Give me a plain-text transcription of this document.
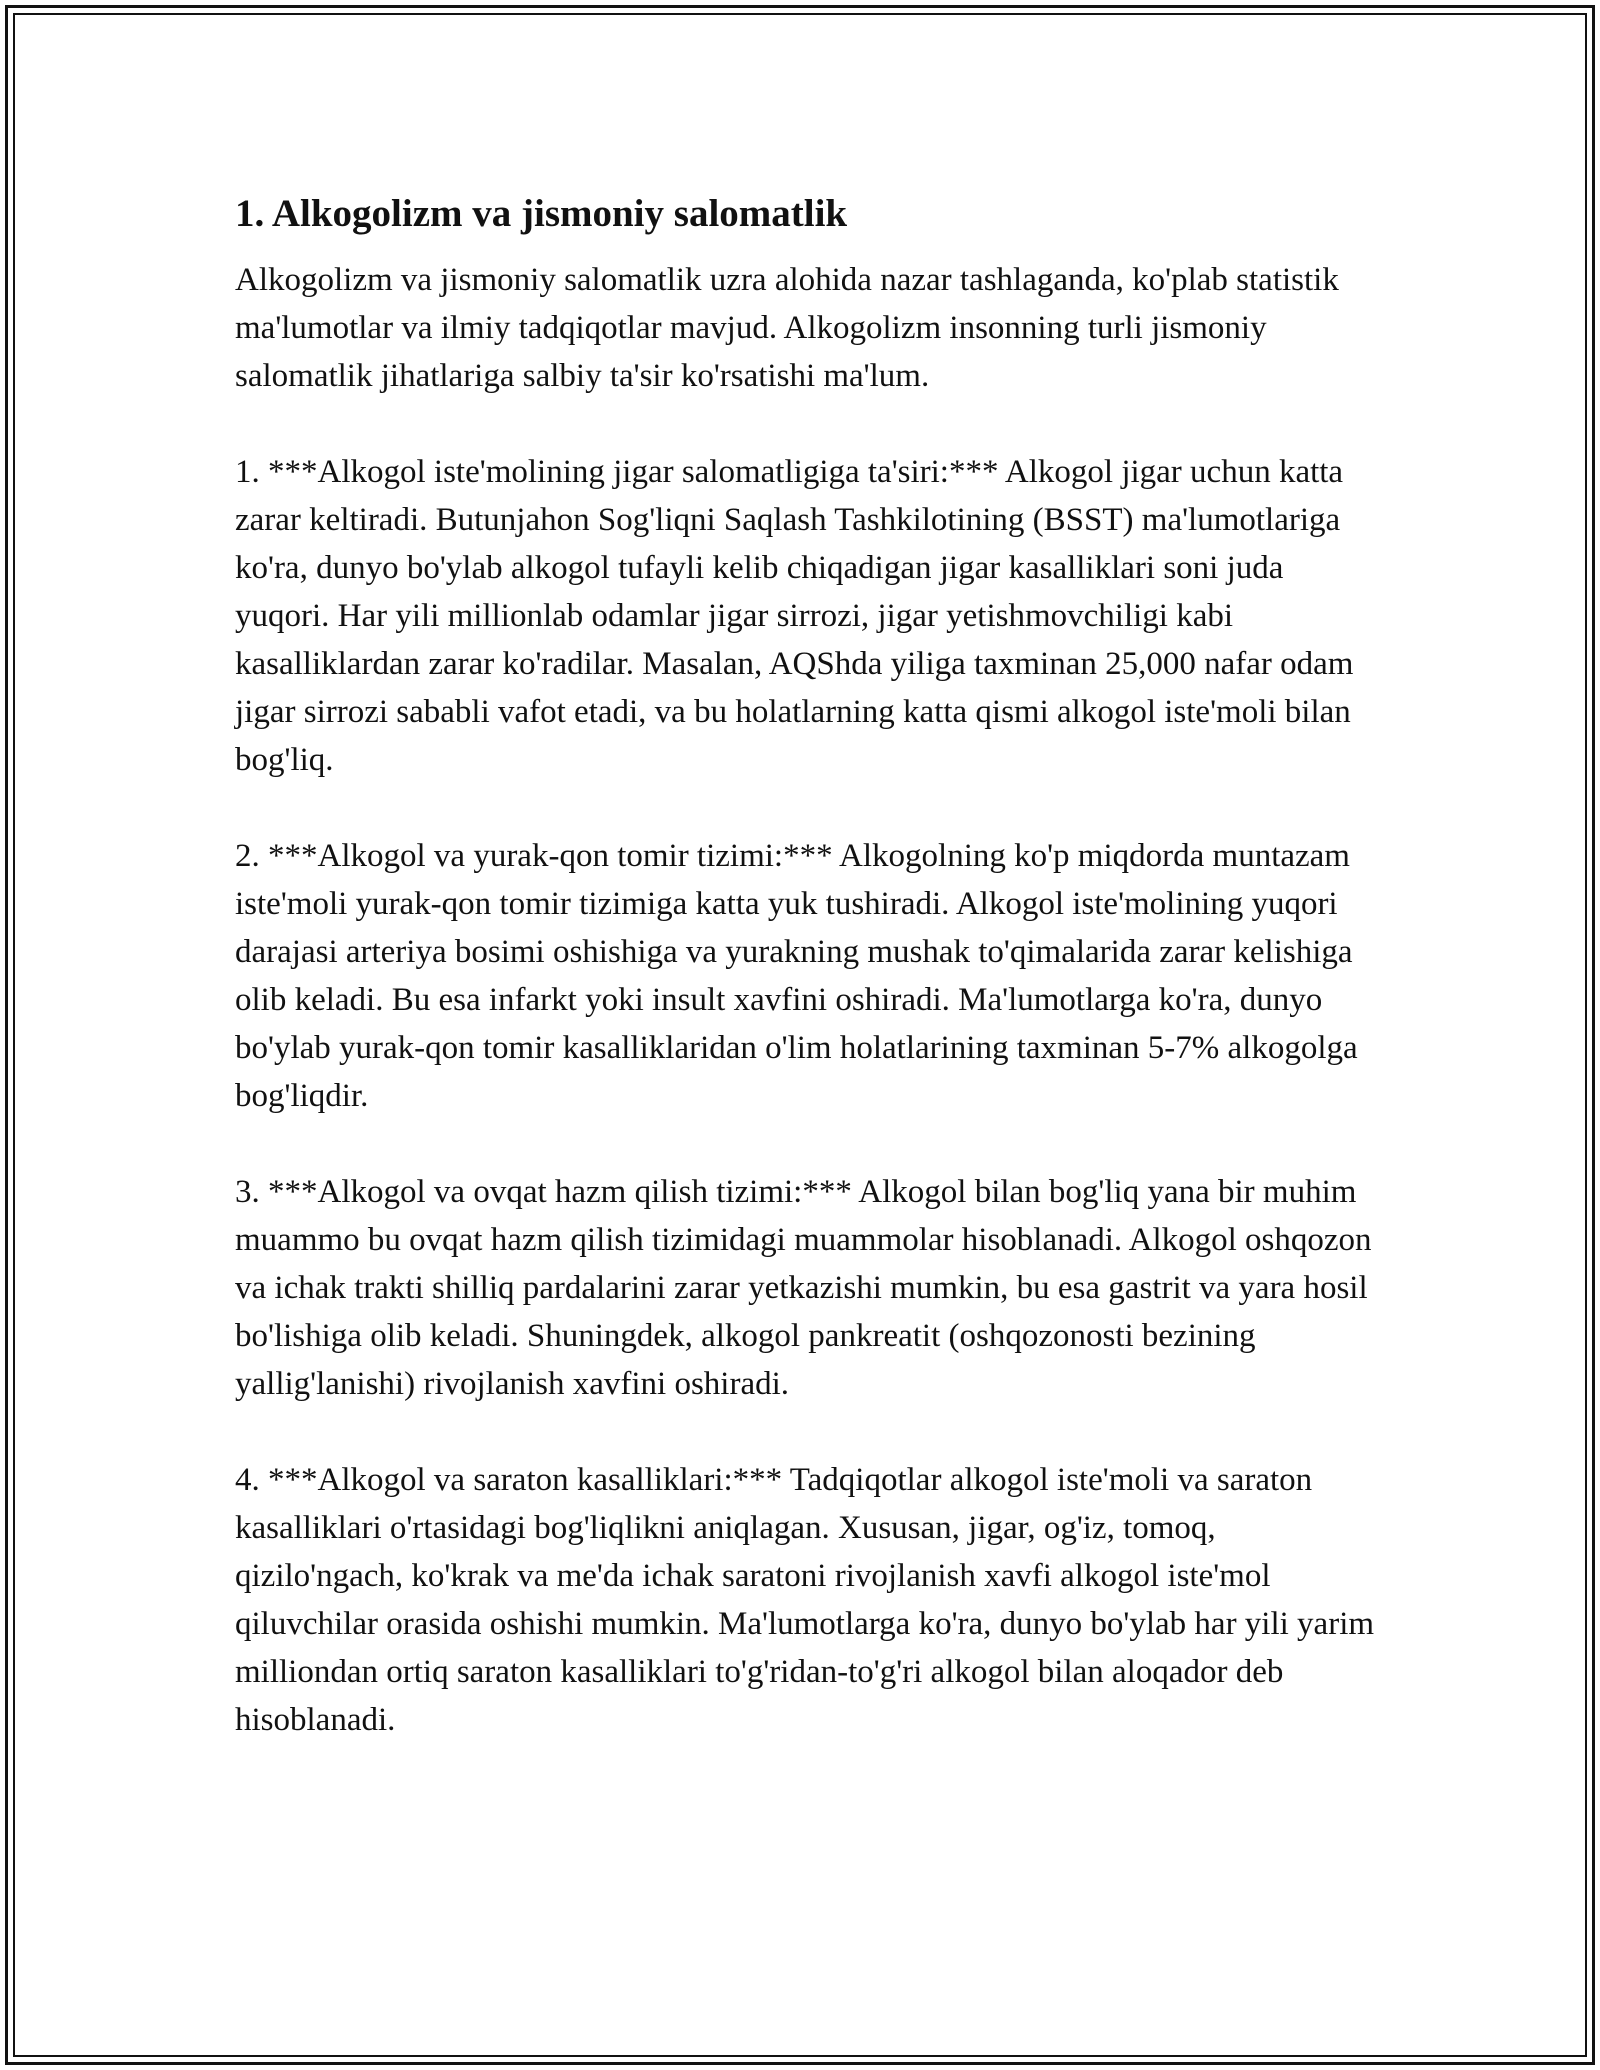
1. Alkogolizm va jismoniy salomatlik

Alkogolizm va jismoniy salomatlik uzra alohida nazar tashlaganda, ko'plab statistik ma'lumotlar va ilmiy tadqiqotlar mavjud. Alkogolizm insonning turli jismoniy salomatlik jihatlariga salbiy ta'sir ko'rsatishi ma'lum.

1. ***Alkogol iste'molining jigar salomatligiga ta'siri:*** Alkogol jigar uchun katta zarar keltiradi. Butunjahon Sog'liqni Saqlash Tashkilotining (BSST) ma'lumotlariga ko'ra, dunyo bo'ylab alkogol tufayli kelib chiqadigan jigar kasalliklari soni juda yuqori. Har yili millionlab odamlar jigar sirrozi, jigar yetishmovchiligi kabi kasalliklardan zarar ko'radilar. Masalan, AQShda yiliga taxminan 25,000 nafar odam jigar sirrozi sababli vafot etadi, va bu holatlarning katta qismi alkogol iste'moli bilan bog'liq.

2. ***Alkogol va yurak-qon tomir tizimi:*** Alkogolning ko'p miqdorda muntazam iste'moli yurak-qon tomir tizimiga katta yuk tushiradi. Alkogol iste'molining yuqori darajasi arteriya bosimi oshishiga va yurakning mushak to'qimalarida zarar kelishiga olib keladi. Bu esa infarkt yoki insult xavfini oshiradi. Ma'lumotlarga ko'ra, dunyo bo'ylab yurak-qon tomir kasalliklaridan o'lim holatlarining taxminan 5-7% alkogolga bog'liqdir.

3. ***Alkogol va ovqat hazm qilish tizimi:*** Alkogol bilan bog'liq yana bir muhim muammo bu ovqat hazm qilish tizimidagi muammolar hisoblanadi. Alkogol oshqozon va ichak trakti shilliq pardalarini zarar yetkazishi mumkin, bu esa gastrit va yara hosil bo'lishiga olib keladi. Shuningdek, alkogol pankreatit (oshqozonosti bezining yallig'lanishi) rivojlanish xavfini oshiradi.

4. ***Alkogol va saraton kasalliklari:*** Tadqiqotlar alkogol iste'moli va saraton kasalliklari o'rtasidagi bog'liqlikni aniqlagan. Xususan, jigar, og'iz, tomoq, qizilo'ngach, ko'krak va me'da ichak saratoni rivojlanish xavfi alkogol iste'mol qiluvchilar orasida oshishi mumkin. Ma'lumotlarga ko'ra, dunyo bo'ylab har yili yarim milliondan ortiq saraton kasalliklari to'g'ridan-to'g'ri alkogol bilan aloqador deb hisoblanadi.
